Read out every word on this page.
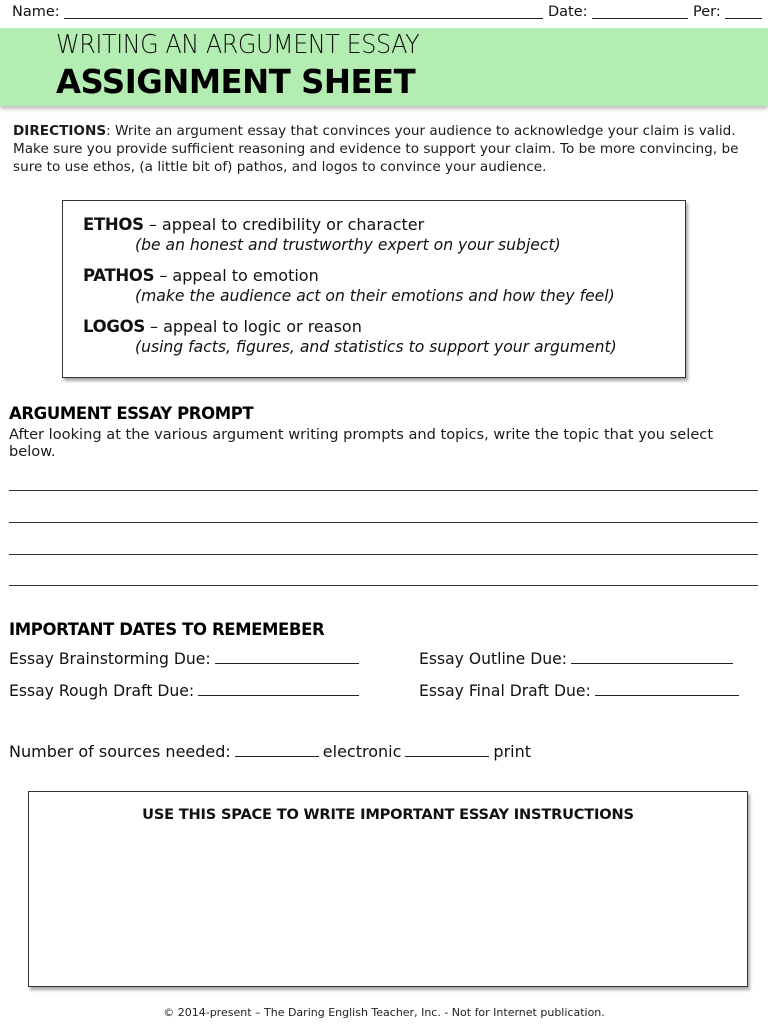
Name:	Date:	Per:
WRITING AN ARGUMENT ESSAY
ASSIGNMENT SHEET
DIRECTIONS: Write an argument essay that convinces your audience to acknowledge your claim is valid. Make sure you provide sufficient reasoning and evidence to support your claim. To be more convincing, be sure to use ethos, (a little bit of) pathos, and logos to convince your audience.
ETHOS – appeal to credibility or character
(be an honest and trustworthy expert on your subject)
PATHOS – appeal to emotion
(make the audience act on their emotions and how they feel)
LOGOS – appeal to logic or reason
(using facts, figures, and statistics to support your argument)
ARGUMENT ESSAY PROMPT
After looking at the various argument writing prompts and topics, write the topic that you select below.
IMPORTANT DATES TO REMEMEBER
Essay Brainstorming Due:	Essay Outline Due:
Essay Rough Draft Due:	Essay Final Draft Due:
Number of sources needed:	electronic	print
USE THIS SPACE TO WRITE IMPORTANT ESSAY INSTRUCTIONS
© 2014-present – The Daring English Teacher, Inc. - Not for Internet publication.
